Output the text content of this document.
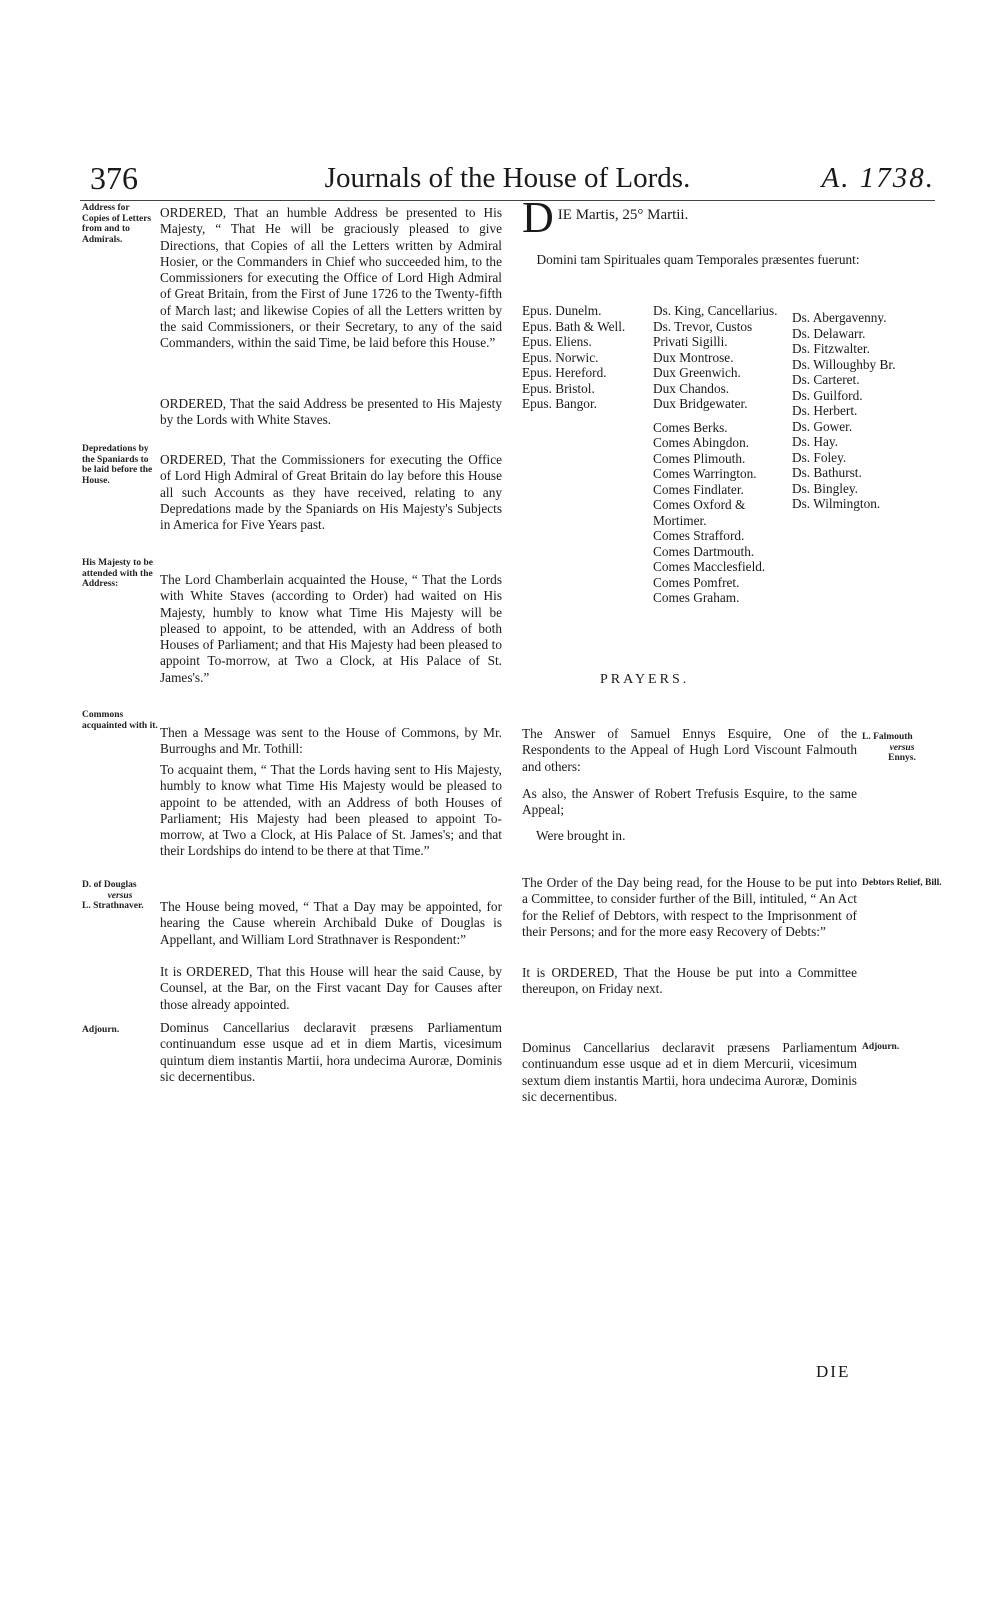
376	Journals of the House of Lords.	A. 1738.
Address for Copies of Letters from and to Admirals.
Depredations by the Spaniards to be laid before the House.
His Majesty to be attended with the Address:
Commons acquainted with it.
D. of Douglas
versus
L. Strathnaver.
Adjourn.
ORDERED, That an humble Address be presented to His Majesty, “ That He will be graciously pleased to give Directions, that Copies of all the Letters written by Admiral Hosier, or the Commanders in Chief who succeeded him, to the Commissioners for executing the Office of Lord High Admiral of Great Britain, from the First of June 1726 to the Twenty-fifth of March last; and likewise Copies of all the Letters written by the said Commissioners, or their Secretary, to any of the said Commanders, within the said Time, be laid before this House.”
ORDERED, That the said Address be presented to His Majesty by the Lords with White Staves.
ORDERED, That the Commissioners for executing the Office of Lord High Admiral of Great Britain do lay before this House all such Accounts as they have received, relating to any Depredations made by the Spaniards on His Majesty's Subjects in America for Five Years past.
The Lord Chamberlain acquainted the House, “ That the Lords with White Staves (according to Order) had waited on His Majesty, humbly to know what Time His Majesty will be pleased to appoint, to be attended, with an Address of both Houses of Parliament; and that His Majesty had been pleased to appoint To-morrow, at Two a Clock, at His Palace of St. James's.”
Then a Message was sent to the House of Commons, by Mr. Burroughs and Mr. Tothill:
To acquaint them, “ That the Lords having sent to His Majesty, humbly to know what Time His Majesty would be pleased to appoint to be attended, with an Address of both Houses of Parliament; His Majesty had been pleased to appoint To-morrow, at Two a Clock, at His Palace of St. James's; and that their Lordships do intend to be there at that Time.”
The House being moved, “ That a Day may be appointed, for hearing the Cause wherein Archibald Duke of Douglas is Appellant, and William Lord Strathnaver is Respondent:”
It is ORDERED, That this House will hear the said Cause, by Counsel, at the Bar, on the First vacant Day for Causes after those already appointed.
Dominus Cancellarius declaravit præsens Parliamentum continuandum esse usque ad et in diem Martis, vicesimum quintum diem instantis Martii, hora undecima Auroræ, Dominis sic decernentibus.
D IE Martis, 25° Martii.
Domini tam Spirituales quam Temporales præsentes fuerunt:
Epus. Dunelm.
Epus. Bath & Well.
Epus. Eliens.
Epus. Norwic.
Epus. Hereford.
Epus. Bristol.
Epus. Bangor.
Ds. King, Cancellarius.
Ds. Trevor, Custos Privati Sigilli.
Dux Montrose.
Dux Greenwich.
Dux Chandos.
Dux Bridgewater.
Comes Berks.
Comes Abingdon.
Comes Plimouth.
Comes Warrington.
Comes Findlater.
Comes Oxford & Mortimer.
Comes Strafford.
Comes Dartmouth.
Comes Macclesfield.
Comes Pomfret.
Comes Graham.
Ds. Abergavenny.
Ds. Delawarr.
Ds. Fitzwalter.
Ds. Willoughby Br.
Ds. Carteret.
Ds. Guilford.
Ds. Herbert.
Ds. Gower.
Ds. Hay.
Ds. Foley.
Ds. Bathurst.
Ds. Bingley.
Ds. Wilmington.
PRAYERS.
The Answer of Samuel Ennys Esquire, One of the Respondents to the Appeal of Hugh Lord Viscount Falmouth and others:
As also, the Answer of Robert Trefusis Esquire, to the same Appeal;
Were brought in.
The Order of the Day being read, for the House to be put into a Committee, to consider further of the Bill, intituled, “ An Act for the Relief of Debtors, with respect to the Imprisonment of their Persons; and for the more easy Recovery of Debts:”
It is ORDERED, That the House be put into a Committee thereupon, on Friday next.
Dominus Cancellarius declaravit præsens Parliamentum continuandum esse usque ad et in diem Mercurii, vicesimum sextum diem instantis Martii, hora undecima Auroræ, Dominis sic decernentibus.
L. Falmouth
versus
Ennys.
Debtors Relief, Bill.
Adjourn.
DIE
